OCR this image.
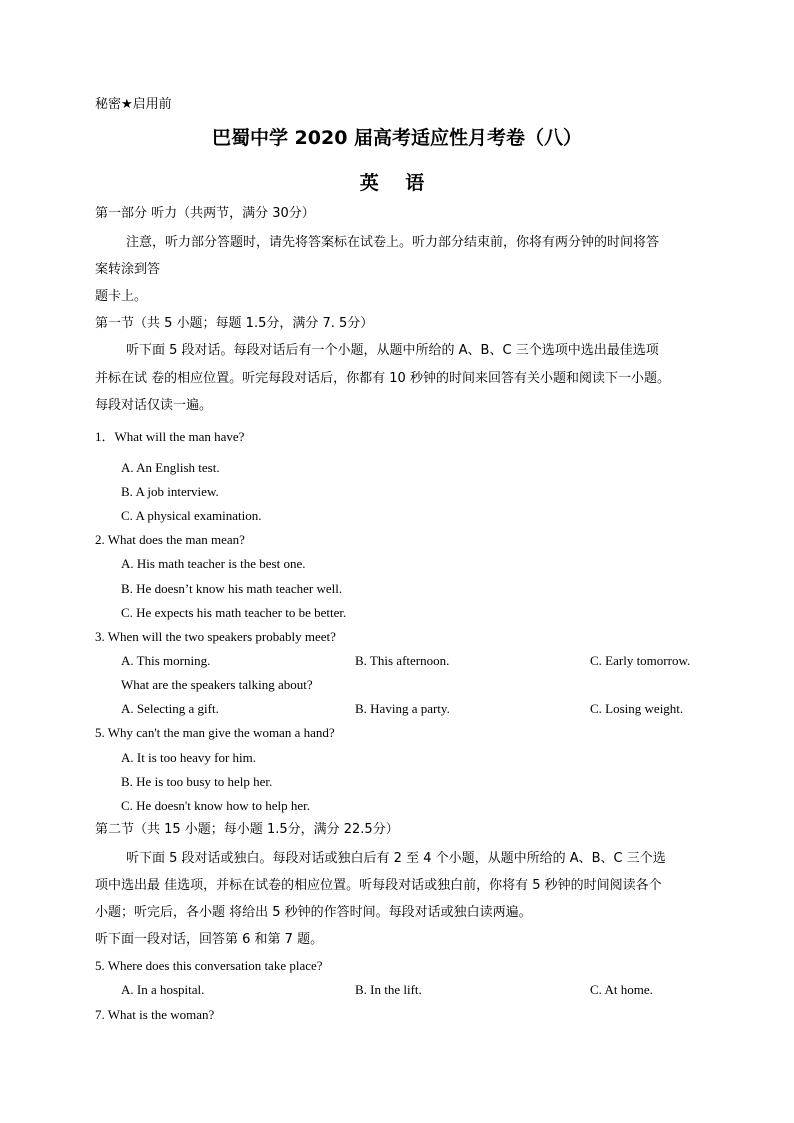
秘密★启用前
巴蜀中学 2020 届高考适应性月考卷（八）
英 语
第一部分 听力（共两节，满分 30分）
注意，听力部分答题时，请先将答案标在试卷上。听力部分结束前，你将有两分钟的时间将答
案转涂到答
题卡上。
第一节（共 5 小题；每题 1.5分，满分 7. 5分）
听下面 5 段对话。每段对话后有一个小题，从题中所给的 A、B、C 三个选项中选出最佳选项
并标在试 卷的相应位置。听完每段对话后，你都有 10 秒钟的时间来回答有关小题和阅读下一小题。
每段对话仅读一遍。
1．What will the man have?
A. An English test.
B. A job interview.
C. A physical examination.
2. What does the man mean?
A. His math teacher is the best one.
B. He doesn’t know his math teacher well.
C. He expects his math teacher to be better.
3. When will the two speakers probably meet?
A. This morning.	B. This afternoon.	C. Early tomorrow.
What are the speakers talking about?
A. Selecting a gift.	B. Having a party.	C. Losing weight.
5. Why can't the man give the woman a hand?
A. It is too heavy for him.
B. He is too busy to help her.
C. He doesn't know how to help her.
第二节（共 15 小题；每小题 1.5分，满分 22.5分）
听下面 5 段对话或独白。每段对话或独白后有 2 至 4 个小题，从题中所给的 A、B、C 三个选
项中选出最 佳选项，并标在试卷的相应位置。听每段对话或独白前，你将有 5 秒钟的时间阅读各个
小题；听完后，各小题 将给出 5 秒钟的作答时间。每段对话或独白读两遍。
听下面一段对话，回答第 6 和第 7 题。
5. Where does this conversation take place?
A. In a hospital.	B. In the lift.	C. At home.
7. What is the woman?
